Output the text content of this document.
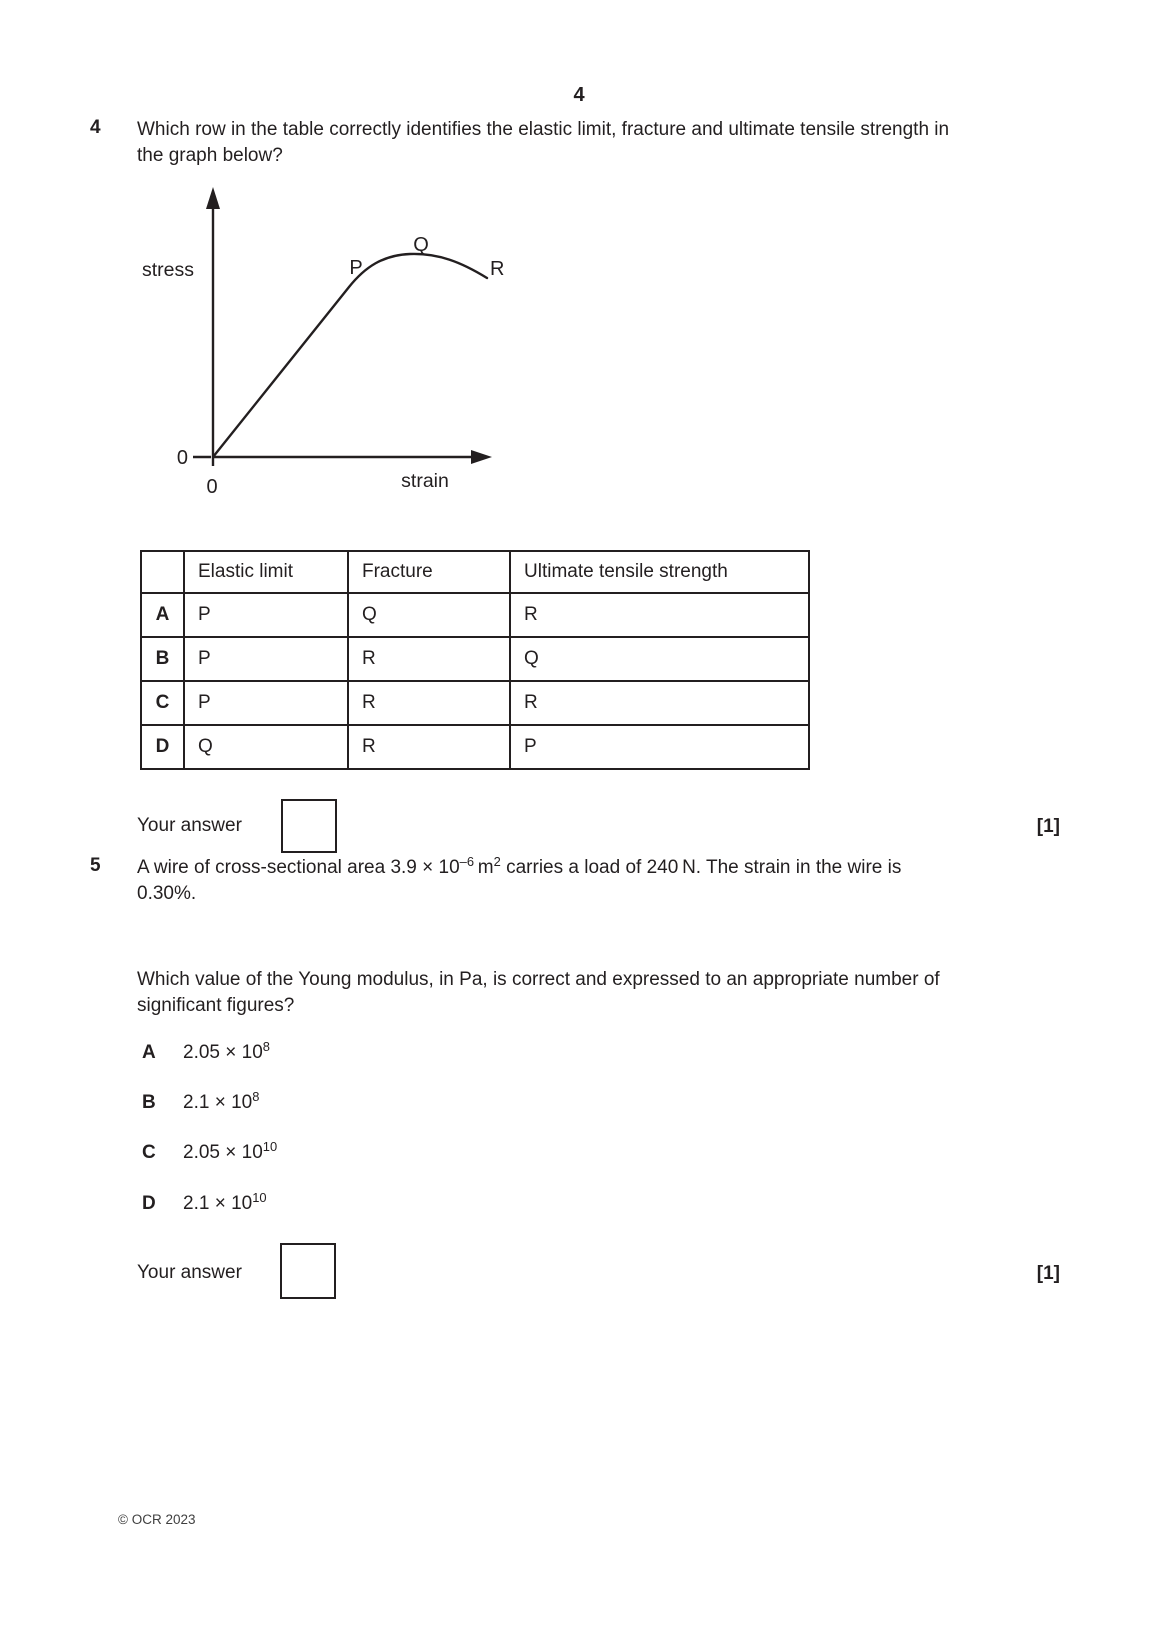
4
4 Which row in the table correctly identifies the elastic limit, fracture and ultimate tensile strength in
the graph below?
stress
strain
0
0
P
Q
R
	Elastic limit	Fracture	Ultimate tensile strength
A	P	Q	R
B	P	R	Q
C	P	R	R
D	Q	R	P
Your answer	[1]
5 A wire of cross-sectional area $3.9 \times 10^{-6}$ $m^2$ carries a load of 240 N. The strain in the wire is
0.30%.
Which value of the Young modulus, in Pa, is correct and expressed to an appropriate number of
significant figures?
A $2.05 \times 10^8$
B $2.1 \times 10^8$
C $2.05 \times 10^{10}$
D $2.1 \times 10^{10}$
Your answer	[1]
© OCR 2023
